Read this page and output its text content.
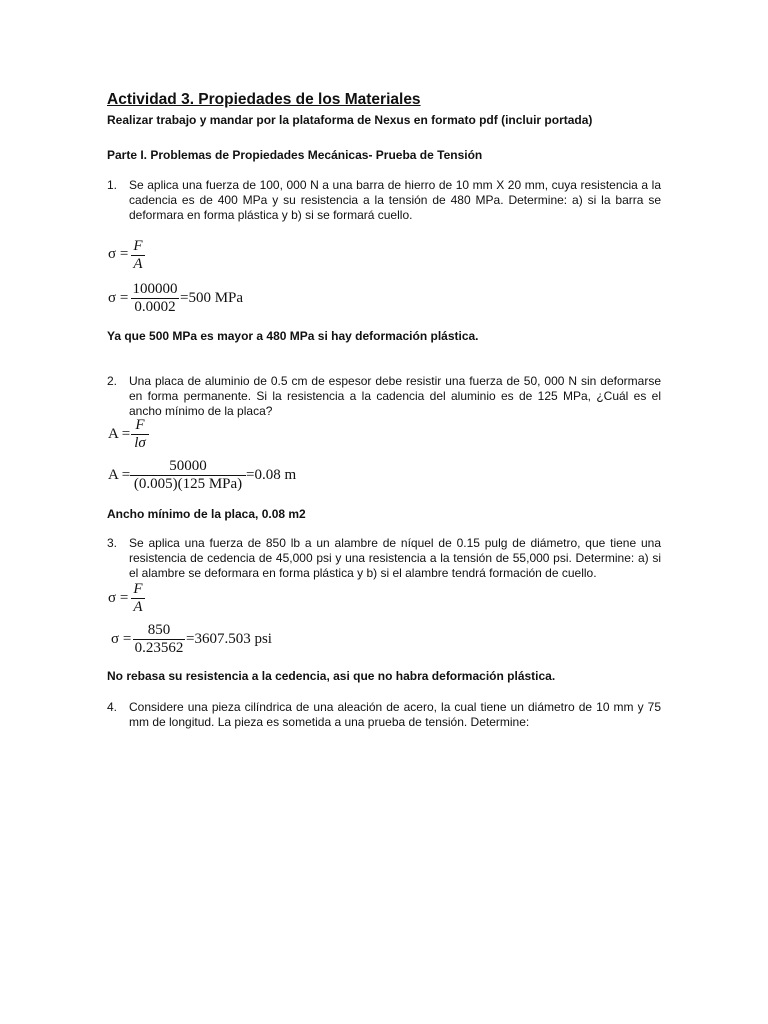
Actividad 3. Propiedades de los Materiales
Realizar trabajo y mandar por la plataforma de Nexus en formato pdf (incluir portada)
Parte I. Problemas de Propiedades Mecánicas- Prueba de Tensión
1. Se aplica una fuerza de 100, 000 N a una barra de hierro de 10 mm X 20 mm, cuya resistencia a la cadencia es de 400 MPa y su resistencia a la tensión de 480 MPa. Determine: a) si la barra se deformara en forma plástica y b) si se formará cuello.
σ = F
A
σ =
100000
0.0002
=500 MPa
Ya que 500 MPa es mayor a 480 MPa si hay deformación plástica.
2. Una placa de aluminio de 0.5 cm de espesor debe resistir una fuerza de 50, 000 N sin deformarse en forma permanente. Si la resistencia a la cadencia del aluminio es de 125 MPa, ¿Cuál es el ancho mínimo de la placa?
A =
F
lσ
A =
50000
(0.005)(125 MPa)
=0.08 m
Ancho mínimo de la placa, 0.08 m2
3. Se aplica una fuerza de 850 lb a un alambre de níquel de 0.15 pulg de diámetro, que tiene una resistencia de cedencia de 45,000 psi y una resistencia a la tensión de 55,000 psi. Determine: a) si el alambre se deformara en forma plástica y b) si el alambre tendrá formación de cuello.
σ =
F
A
σ =
850
0.23562
=3607.503 psi
No rebasa su resistencia a la cedencia, asi que no habra deformación plástica.
4. Considere una pieza cilíndrica de una aleación de acero, la cual tiene un diámetro de 10 mm y 75 mm de longitud. La pieza es sometida a una prueba de tensión. Determine:
